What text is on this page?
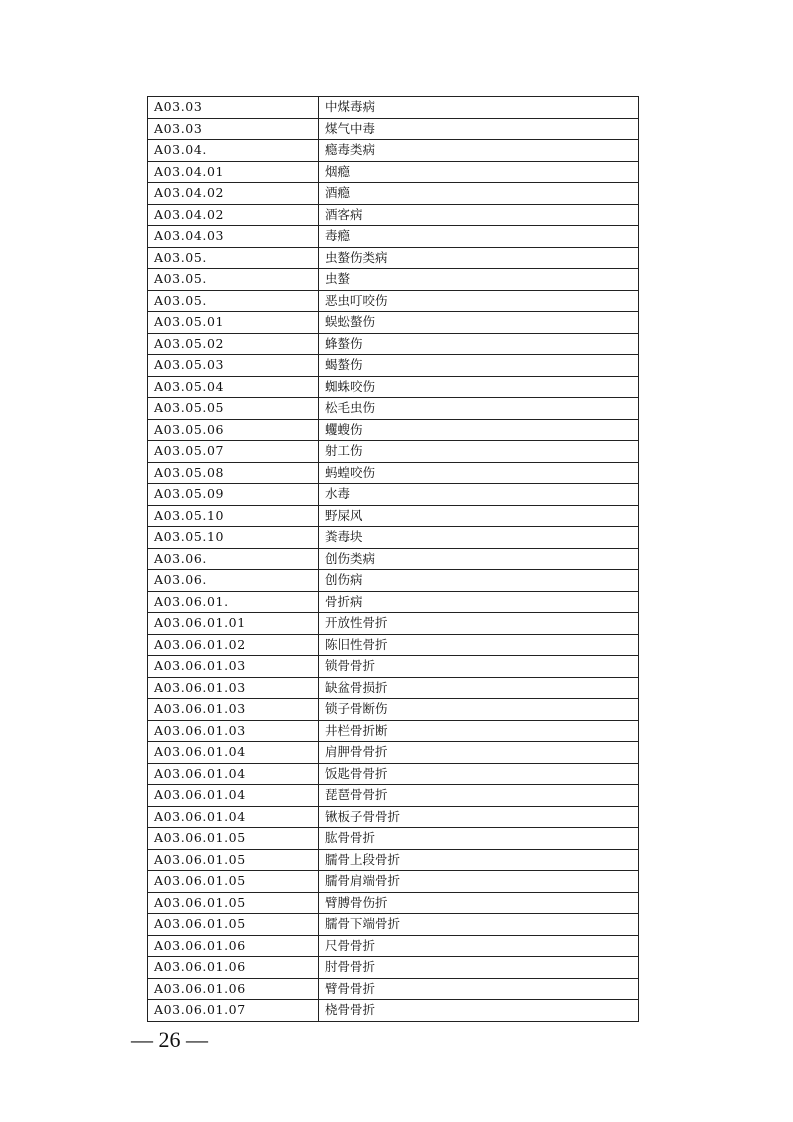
A03.03	中煤毒病
A03.03	煤气中毒
A03.04.	瘾毒类病
A03.04.01	烟瘾
A03.04.02	酒瘾
A03.04.02	酒客病
A03.04.03	毒瘾
A03.05.	虫螯伤类病
A03.05.	虫螯
A03.05.	恶虫叮咬伤
A03.05.01	蜈蚣螯伤
A03.05.02	蜂螯伤
A03.05.03	蝎螯伤
A03.05.04	蜘蛛咬伤
A03.05.05	松毛虫伤
A03.05.06	蠼螋伤
A03.05.07	射工伤
A03.05.08	蚂蝗咬伤
A03.05.09	水毒
A03.05.10	野屎风
A03.05.10	粪毒块
A03.06.	创伤类病
A03.06.	创伤病
A03.06.01.	骨折病
A03.06.01.01	开放性骨折
A03.06.01.02	陈旧性骨折
A03.06.01.03	锁骨骨折
A03.06.01.03	缺盆骨损折
A03.06.01.03	锁子骨断伤
A03.06.01.03	井栏骨折断
A03.06.01.04	肩胛骨骨折
A03.06.01.04	饭匙骨骨折
A03.06.01.04	琵琶骨骨折
A03.06.01.04	锹板子骨骨折
A03.06.01.05	肱骨骨折
A03.06.01.05	臑骨上段骨折
A03.06.01.05	臑骨肩端骨折
A03.06.01.05	臂膊骨伤折
A03.06.01.05	臑骨下端骨折
A03.06.01.06	尺骨骨折
A03.06.01.06	肘骨骨折
A03.06.01.06	臂骨骨折
A03.06.01.07	桡骨骨折
— 26 —
